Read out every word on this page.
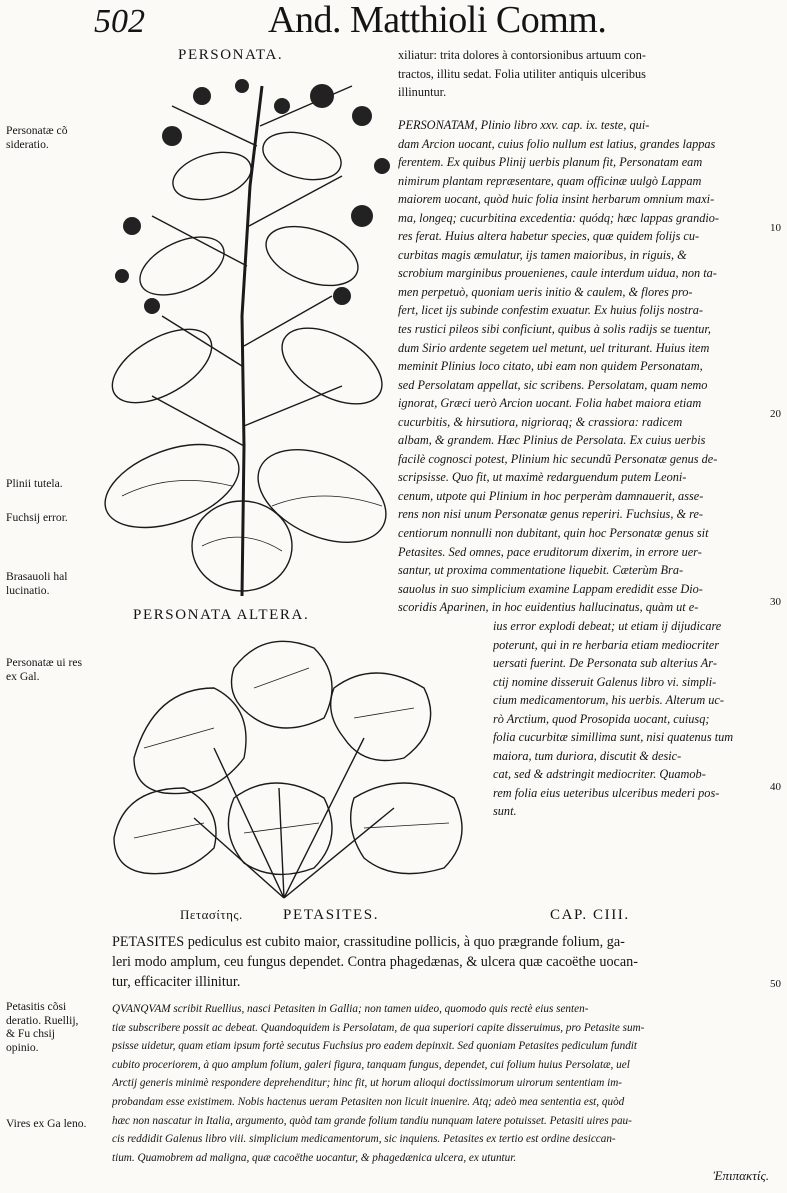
502	And. Matthioli Comm.
PERSONATA.	xiliatur: trita dolores à contorsionibus artuum con-
tractos, illitu sedat. Folia utiliter antiquis ulceribus
illinuntur.
PERSONATAM, Plinio libro xxv. cap. ix. teste, qui-
dam Arcion uocant, cuius folio nullum est latius, grandes lappas
ferentem. Ex quibus Plinij uerbis planum fit, Personatam eam
nimirum plantam repræsentare, quam officinæ uulgò Lappam
maiorem uocant, quòd huic folia insint herbarum omnium maxi-
ma, longeq; cucurbitina excedentia: quódq; hæc lappas grandio-
res ferat. Huius altera habetur species, quæ quidem folijs cu-
curbitas magis æmulatur, ijs tamen maioribus, in riguis, &
scrobium marginibus prouenienes, caule interdum uidua, non ta-
men perpetuò, quoniam ueris initio & caulem, & flores pro-
fert, licet ijs subinde confestim exuatur. Ex huius folijs nostra-
tes rustici pileos sibi conficiunt, quibus à solis radijs se tuentur,
dum Sirio ardente segetem uel metunt, uel triturant. Huius item
meminit Plinius loco citato, ubi eam non quidem Personatam,
sed Persolatam appellat, sic scribens. Persolatam, quam nemo
ignorat, Græci uerò Arcion uocant. Folia habet maiora etiam
cucurbitis, & hirsutiora, nigrioraq; & crassiora: radicem
albam, & grandem. Hæc Plinius de Persolata. Ex cuius uerbis
facilè cognosci potest, Plinium hic secundũ Personatæ genus de-
scripsisse. Quo fit, ut maximè redarguendum putem Leoni-
cenum, utpote qui Plinium in hoc perperàm damnauerit, asse-
rens non nisi unum Personatæ genus reperiri. Fuchsius, & re-
centiorum nonnulli non dubitant, quin hoc Personatæ genus sit
Petasites. Sed omnes, pace eruditorum dixerim, in errore uer-
santur, ut proxima commentatione liquebit. Cæterùm Bra-
sauolus in suo simplicium examine Lappam eredidit esse Dio-
scoridis Aparinen, in hoc euidentius hallucinatus, quàm ut e-
PERSONATA ALTERA.
ius error explodi debeat; ut etiam ij dijudicare
poterunt, qui in re herbaria etiam mediocriter
uersati fuerint. De Personata sub alterius Ar-
ctij nomine disseruit Galenus libro vi. simpli-
cium medicamentorum, his uerbis. Alterum uc-
rò Arctium, quod Prosopida uocant, cuiusq;
folia cucurbitæ simillima sunt, nisi quatenus tum
maiora, tum duriora, discutit & desic-
cat, sed & adstringit mediocriter. Quamob-
rem folia eius ueteribus ulceribus mederi pos-
sunt.
Πετασίτης.	PETASITES.	CAP. CIII.
PETASITES pediculus est cubito maior, crassitudine pollicis, à quo prægrande folium, ga-
leri modo amplum, ceu fungus dependet. Contra phagedænas, & ulcera quæ cacoëthe uocan-
tur, efficaciter illinitur.
QVANQVAM scribit Ruellius, nasci Petasiten in Gallia; non tamen uideo, quomodo quis rectè eius senten-
tiæ subscribere possit ac debeat. Quandoquidem is Persolatam, de qua superiori capite disseruimus, pro Petasite sum-
psisse uidetur, quam etiam ipsum fortè secutus Fuchsius pro eadem depinxit. Sed quoniam Petasites pediculum fundit
cubito proceriorem, à quo amplum folium, galeri figura, tanquam fungus, dependet, cui folium huius Persolatæ, uel
Arctij generis minimè respondere deprehenditur; hinc fit, ut horum alioqui doctissimorum uirorum sententiam im-
probandam esse existimem. Nobis hactenus ueram Petasiten non licuit inuenire. Atq; adeò mea sententia est, quòd
hæc non nascatur in Italia, argumento, quòd tam grande folium tandiu nunquam latere potuisset. Petasiti uires pau-
cis reddidit Galenus libro viii. simplicium medicamentorum, sic inquiens. Petasites ex tertio est ordine desiccan-
tium. Quamobrem ad maligna, quæ cacoëthe uocantur, & phagedænica ulcera, ex utuntur.
Personatæ cõ sideratio.
Plinii tutela.
Fuchsij error.
Brasauoli hal lucinatio.
Personatæ ui res ex Gal.
Petasitis cõsi deratio. Ruellij, & Fu chsij opinio.
Vires ex Ga leno.
10
20
30
40
50
Ἐπιπακτίς.
